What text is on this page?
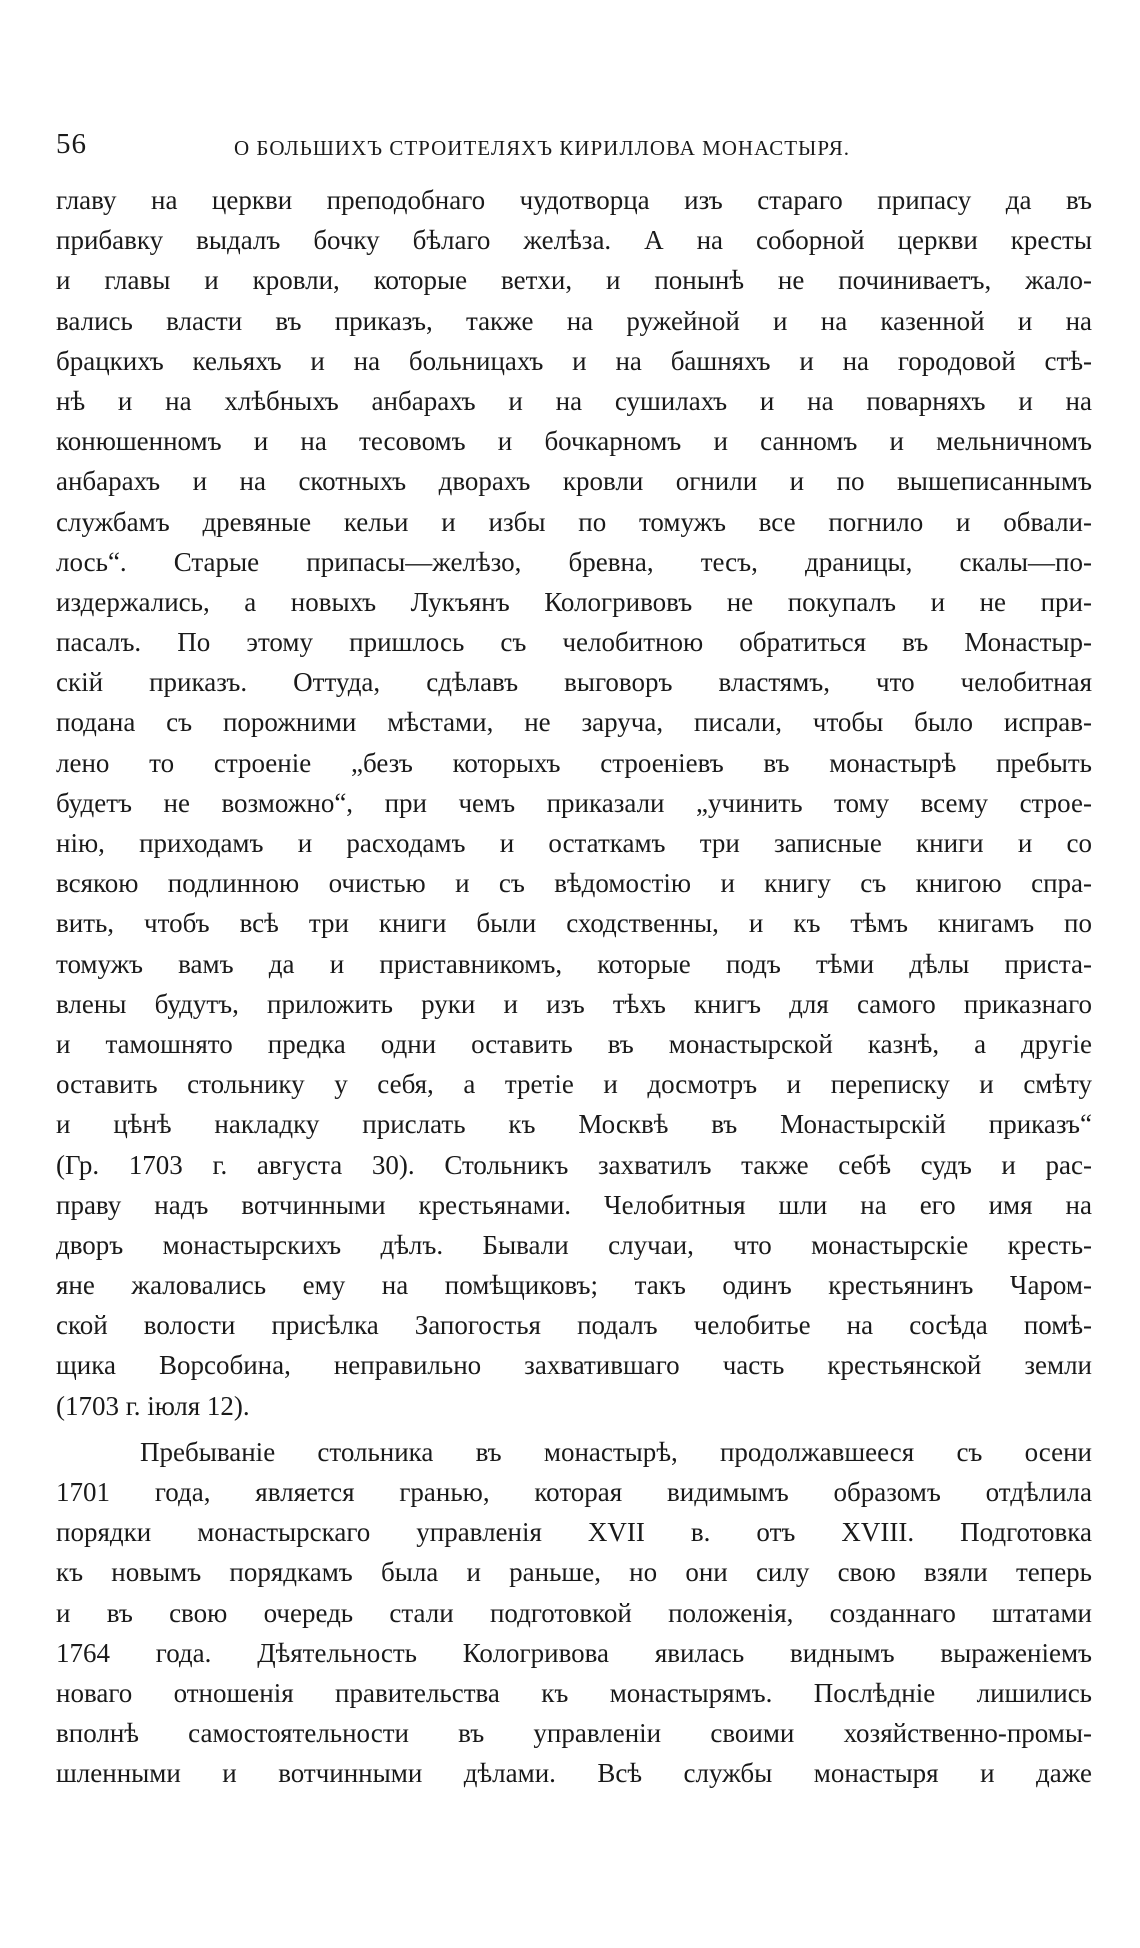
56	О БОЛЬШИХЪ СТРОИТЕЛЯХЪ КИРИЛЛОВА МОНАСТЫРЯ.
главу на церкви преподобнаго чудотворца изъ стараго припасу да въ
прибавку выдалъ бочку бѣлаго желѣза. А на соборной церкви кресты
и главы и кровли, которые ветхи, и понынѣ не починиваетъ, жало-
вались власти въ приказъ, также на ружейной и на казенной и на
брацкихъ кельяхъ и на больницахъ и на башняхъ и на городовой стѣ-
нѣ и на хлѣбныхъ анбарахъ и на сушилахъ и на поварняхъ и на
конюшенномъ и на тесовомъ и бочкарномъ и санномъ и мельничномъ
анбарахъ и на скотныхъ дворахъ кровли огнили и по вышеписаннымъ
службамъ древяные кельи и избы по томужъ все погнило и обвали-
лось“. Старые припасы—желѣзо, бревна, тесъ, драницы, скалы—по-
издержались, а новыхъ Лукъянъ Кологривовъ не покупалъ и не при-
пасалъ. По этому пришлось съ челобитною обратиться въ Монастыр-
скій приказъ. Оттуда, сдѣлавъ выговоръ властямъ, что челобитная
подана съ порожними мѣстами, не заруча, писали, чтобы было исправ-
лено то строеніе „безъ которыхъ строеніевъ въ монастырѣ пребыть
будетъ не возможно“, при чемъ приказали „учинить тому всему строе-
нію, приходамъ и расходамъ и остаткамъ три записные книги и со
всякою подлинною очистью и съ вѣдомостію и книгу съ книгою спра-
вить, чтобъ всѣ три книги были сходственны, и къ тѣмъ книгамъ по
томужъ вамъ да и приставникомъ, которые подъ тѣми дѣлы приста-
влены будутъ, приложить руки и изъ тѣхъ книгъ для самого приказнаго
и тамошнято предка одни оставить въ монастырской казнѣ, а другіе
оставить стольнику у себя, а третіе и досмотръ и переписку и смѣту
и цѣнѣ накладку прислать къ Москвѣ въ Монастырскій приказъ“
(Гр. 1703 г. августа 30). Стольникъ захватилъ также себѣ судъ и рас-
праву надъ вотчинными крестьянами. Челобитныя шли на его имя на
дворъ монастырскихъ дѣлъ. Бывали случаи, что монастырскіе кресть-
яне жаловались ему на помѣщиковъ; такъ одинъ крестьянинъ Чаром-
ской волости присѣлка Запогостья подалъ челобитье на сосѣда помѣ-
щика Ворсобина, неправильно захватившаго часть крестьянской земли
(1703 г. іюля 12).
Пребываніе стольника въ монастырѣ, продолжавшееся съ осени
1701 года, является гранью, которая видимымъ образомъ отдѣлила
порядки монастырскаго управленія XVII в. отъ XVIII. Подготовка
къ новымъ порядкамъ была и раньше, но они силу свою взяли теперь
и въ свою очередь стали подготовкой положенія, созданнаго штатами
1764 года. Дѣятельность Кологривова явилась виднымъ выраженіемъ
новаго отношенія правительства къ монастырямъ. Послѣдніе лишились
вполнѣ самостоятельности въ управленіи своими хозяйственно-промы-
шленными и вотчинными дѣлами. Всѣ службы монастыря и даже
